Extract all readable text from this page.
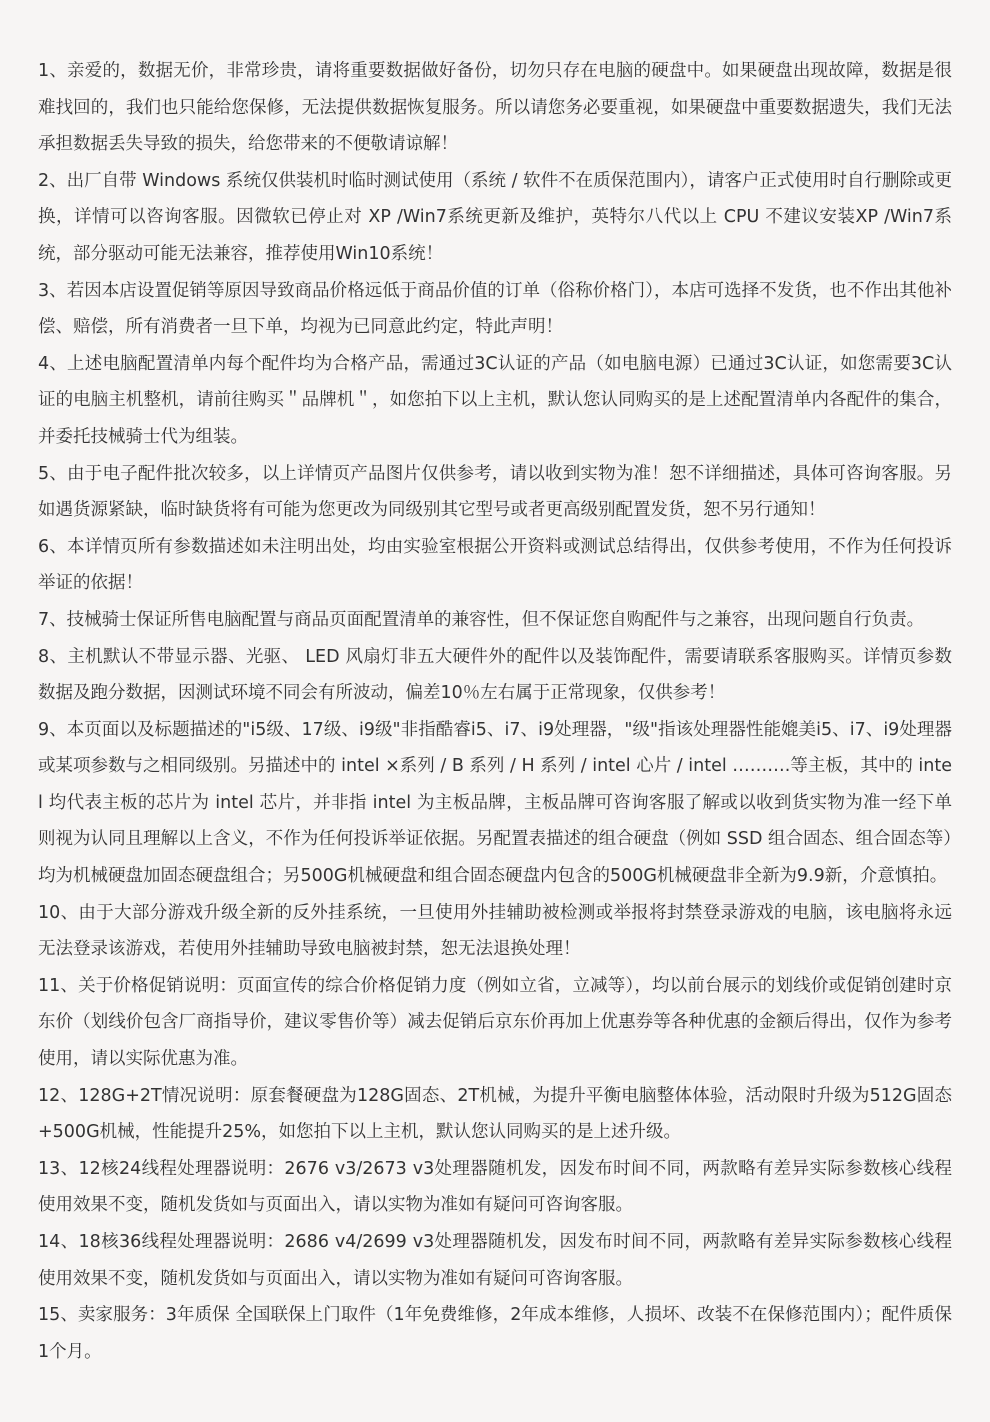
1、亲爱的，数据无价，非常珍贵，请将重要数据做好备份，切勿只存在电脑的硬盘中。如果硬盘出现故障，数据是很难找回的，我们也只能给您保修，无法提供数据恢复服务。所以请您务必要重视，如果硬盘中重要数据遗失，我们无法承担数据丢失导致的损失，给您带来的不便敬请谅解！

2、出厂自带 Windows 系统仅供装机时临时测试使用（系统 / 软件不在质保范围内），请客户正式使用时自行删除或更换，详情可以咨询客服。因微软已停止对 XP /Win7系统更新及维护，英特尔八代以上 CPU 不建议安装XP /Win7系统，部分驱动可能无法兼容，推荐使用Win10系统！

3、若因本店设置促销等原因导致商品价格远低于商品价值的订单（俗称价格门），本店可选择不发货，也不作出其他补偿、赔偿，所有消费者一旦下单，均视为已同意此约定，特此声明！

4、上述电脑配置清单内每个配件均为合格产品，需通过3C认证的产品（如电脑电源）已通过3C认证，如您需要3C认证的电脑主机整机，请前往购买＂品牌机＂，如您拍下以上主机，默认您认同购买的是上述配置清单内各配件的集合，并委托技械骑士代为组装。

5、由于电子配件批次较多，以上详情页产品图片仅供参考，请以收到实物为准！恕不详细描述，具体可咨询客服。另如遇货源紧缺，临时缺货将有可能为您更改为同级别其它型号或者更高级别配置发货，恕不另行通知！

6、本详情页所有参数描述如未注明出处，均由实验室根据公开资料或测试总结得出，仅供参考使用，不作为任何投诉举证的依据！

7、技械骑士保证所售电脑配置与商品页面配置清单的兼容性，但不保证您自购配件与之兼容，出现问题自行负责。

8、主机默认不带显示器、光驱、 LED 风扇灯非五大硬件外的配件以及装饰配件，需要请联系客服购买。详情页参数数据及跑分数据，因测试环境不同会有所波动，偏差10％左右属于正常现象，仅供参考！

9、本页面以及标题描述的"i5级、17级、i9级"非指酷睿i5、i7、i9处理器，"级"指该处理器性能媲美i5、i7、i9处理器或某项参数与之相同级别。另描述中的 intel ×系列 / B 系列 / H 系列 / intel 心片 / intel ……….等主板，其中的 intel 均代表主板的芯片为 intel 芯片，并非指 intel 为主板品牌，主板品牌可咨询客服了解或以收到货实物为准一经下单则视为认同且理解以上含义，不作为任何投诉举证依据。另配置表描述的组合硬盘（例如 SSD 组合固态、组合固态等）均为机械硬盘加固态硬盘组合；另500G机械硬盘和组合固态硬盘内包含的500G机械硬盘非全新为9.9新，介意慎拍。

10、由于大部分游戏升级全新的反外挂系统，一旦使用外挂辅助被检测或举报将封禁登录游戏的电脑，该电脑将永远无法登录该游戏，若使用外挂辅助导致电脑被封禁，恕无法退换处理！

11、关于价格促销说明：页面宣传的综合价格促销力度（例如立省，立减等），均以前台展示的划线价或促销创建时京东价（划线价包含厂商指导价，建议零售价等）减去促销后京东价再加上优惠券等各种优惠的金额后得出，仅作为参考使用，请以实际优惠为准。

12、128G+2T情况说明：原套餐硬盘为128G固态、2T机械，为提升平衡电脑整体体验，活动限时升级为512G固态+500G机械，性能提升25%，如您拍下以上主机，默认您认同购买的是上述升级。

13、12核24线程处理器说明：2676 v3/2673 v3处理器随机发，因发布时间不同，两款略有差异实际参数核心线程使用效果不变，随机发货如与页面出入，请以实物为准如有疑问可咨询客服。

14、18核36线程处理器说明：2686 v4/2699 v3处理器随机发，因发布时间不同，两款略有差异实际参数核心线程使用效果不变，随机发货如与页面出入，请以实物为准如有疑问可咨询客服。

15、卖家服务：3年质保 全国联保上门取件（1年免费维修，2年成本维修，人损坏、改装不在保修范围内）；配件质保1个月。
